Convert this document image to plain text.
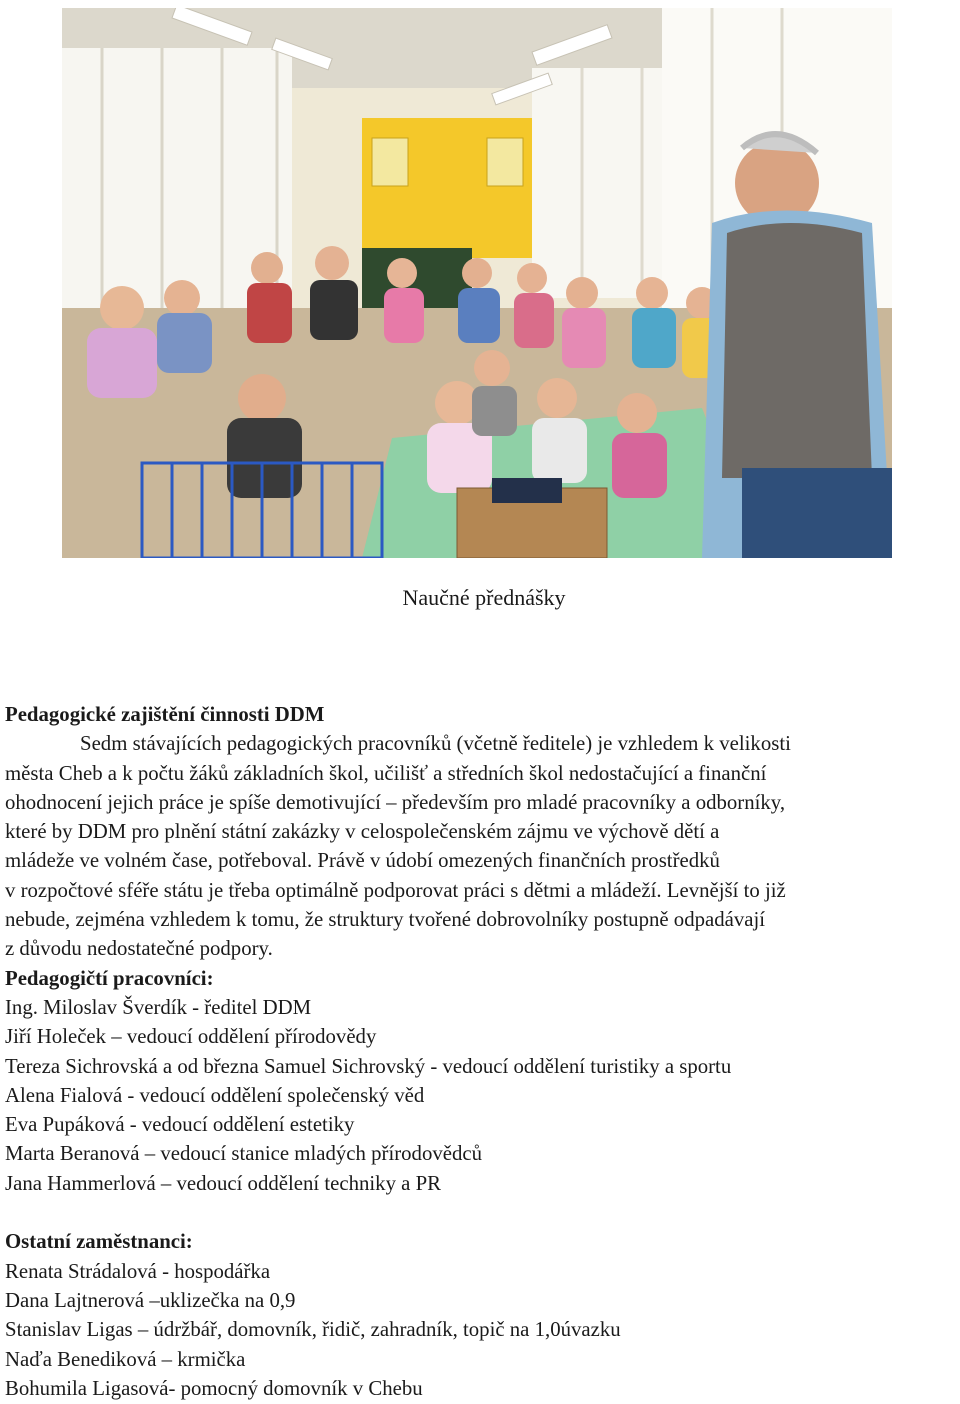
Naučné přednášky
Pedagogické zajištění činnosti DDM
Sedm stávajících pedagogických pracovníků (včetně ředitele) je vzhledem k velikosti
města Cheb a k počtu žáků základních škol, učilišť a středních škol nedostačující a finanční
ohodnocení jejich práce je spíše demotivující – především pro mladé pracovníky a odborníky,
které by DDM pro plnění státní zakázky v celospolečenském zájmu ve výchově dětí a
mládeže ve volném čase, potřeboval. Právě v údobí omezených finančních prostředků
v rozpočtové sféře státu je třeba optimálně podporovat práci s dětmi a mládeží. Levnější to již
nebude, zejména vzhledem k tomu, že struktury tvořené dobrovolníky postupně odpadávají
z důvodu nedostatečné podpory.
Pedagogičtí pracovníci:
Ing. Miloslav Šverdík - ředitel DDM
Jiří Holeček – vedoucí oddělení přírodovědy
Tereza Sichrovská a od března Samuel Sichrovský - vedoucí oddělení turistiky a sportu
Alena Fialová - vedoucí oddělení společenský věd
Eva Pupáková - vedoucí oddělení estetiky
Marta Beranová – vedoucí stanice mladých přírodovědců
Jana Hammerlová – vedoucí oddělení techniky a PR
Ostatní zaměstnanci:
Renata Strádalová - hospodářka
Dana Lajtnerová –uklizečka na 0,9
Stanislav Ligas – údržbář, domovník, řidič, zahradník, topič na 1,0úvazku
Naďa Benediková – krmička
Bohumila Ligasová- pomocný domovník v Chebu
